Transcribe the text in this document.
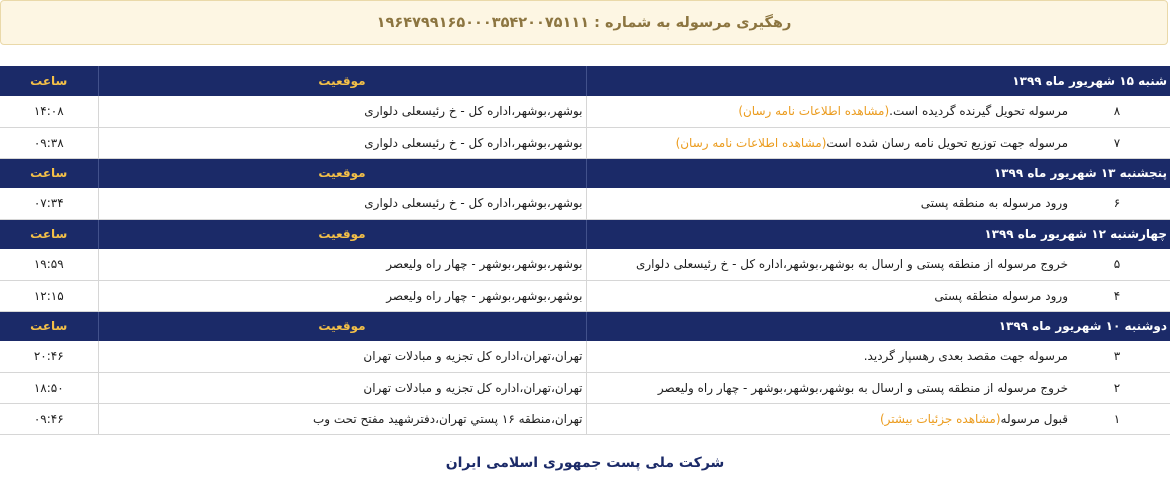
رهگیری مرسوله به شماره : ۱۹۶۴۷۹۹۱۶۵۰۰۰۳۵۴۲۰۰۷۵۱۱۱
شنبه ۱۵ شهریور ماه ۱۳۹۹	موقعیت	ساعت

۸
مرسوله تحویل گیرنده گردیده است.(مشاهده اطلاعات نامه رسان)	بوشهر،بوشهر،اداره کل - خ رئیسعلی دلواری	۱۴:۰۸

۷
مرسوله جهت توزیع تحویل نامه رسان شده است(مشاهده اطلاعات نامه رسان)	بوشهر،بوشهر،اداره کل - خ رئیسعلی دلواری	۰۹:۳۸
پنجشنبه ۱۳ شهریور ماه ۱۳۹۹	موقعیت	ساعت

۶
ورود مرسوله به منطقه پستی	بوشهر،بوشهر،اداره کل - خ رئیسعلی دلواری	۰۷:۳۴
چهارشنبه ۱۲ شهریور ماه ۱۳۹۹	موقعیت	ساعت

۵
خروج مرسوله از منطقه پستی و ارسال به بوشهر،بوشهر،اداره کل - خ رئیسعلی دلواری	بوشهر،بوشهر،بوشهر - چهار راه ولیعصر	۱۹:۵۹

۴
ورود مرسوله منطقه پستی	بوشهر،بوشهر،بوشهر - چهار راه ولیعصر	۱۲:۱۵
دوشنبه ۱۰ شهریور ماه ۱۳۹۹	موقعیت	ساعت

۳
مرسوله جهت مقصد بعدی رهسپار گردید.	تهران،تهران،اداره کل تجزیه و مبادلات تهران	۲۰:۴۶

۲
خروج مرسوله از منطقه پستی و ارسال به بوشهر،بوشهر،بوشهر - چهار راه ولیعصر	تهران،تهران،اداره کل تجزیه و مبادلات تهران	۱۸:۵۰

۱
قبول مرسوله(مشاهده جزئیات بیشتر)	تهران،منطقه ۱۶ پستي تهران،دفترشهید مفتح تحت وب	۰۹:۴۶
شرکت ملی پست جمهوری اسلامی ایران
